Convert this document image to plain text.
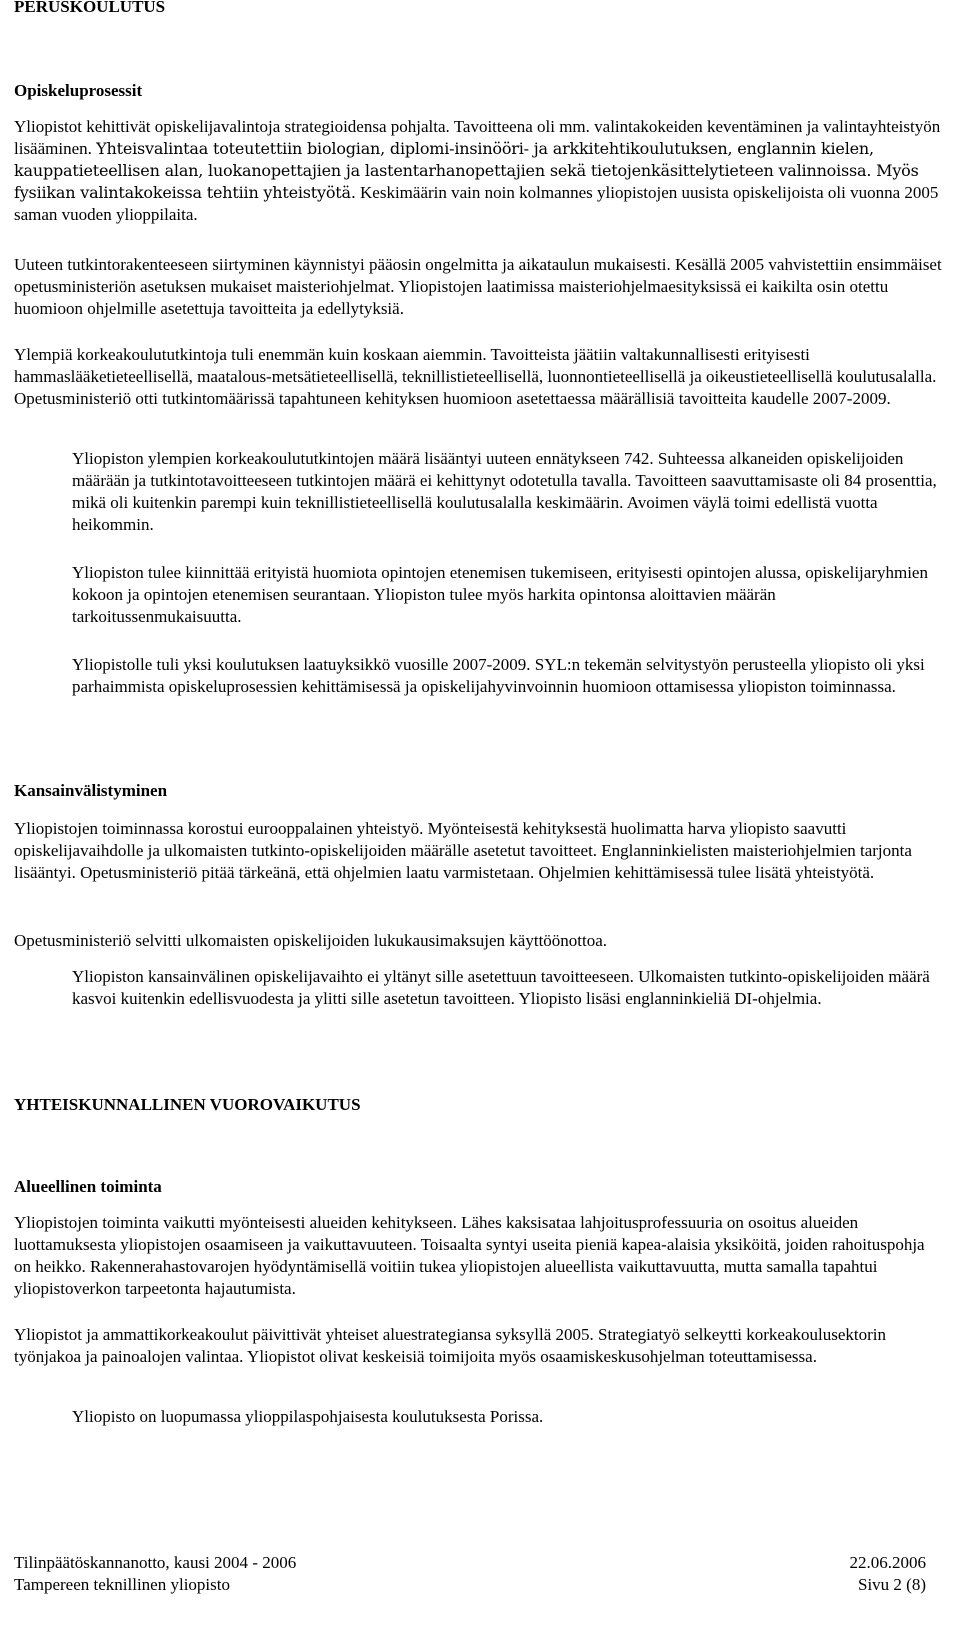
PERUSKOULUTUS
Opiskeluprosessit

Yliopistot kehittivät opiskelijavalintoja strategioidensa pohjalta. Tavoitteena oli mm. valintakokeiden keventäminen ja valintayhteistyön lisääminen. Yhteisvalintaa toteutettiin biologian, diplomi-insinööri- ja arkkitehtikoulutuksen, englannin kielen, kauppatieteellisen alan, luokanopettajien ja lastentarhanopettajien sekä tietojenkäsittelytieteen valinnoissa. Myös fysiikan valintakokeissa tehtiin yhteistyötä. Keskimäärin vain noin kolmannes yliopistojen uusista opiskelijoista oli vuonna 2005 saman vuoden ylioppilaita.

Uuteen tutkintorakenteeseen siirtyminen käynnistyi pääosin ongelmitta ja aikataulun mukaisesti. Kesällä 2005 vahvistettiin ensimmäiset opetusministeriön asetuksen mukaiset maisteriohjelmat. Yliopistojen laatimissa maisteriohjelmaesityksissä ei kaikilta osin otettu huomioon ohjelmille asetettuja tavoitteita ja edellytyksiä.

Ylempiä korkeakoulututkintoja tuli enemmän kuin koskaan aiemmin. Tavoitteista jäätiin valtakunnallisesti erityisesti hammaslääketieteellisellä, maatalous-metsätieteellisellä, teknillistieteellisellä, luonnontieteellisellä ja oikeustieteellisellä koulutusalalla. Opetusministeriö otti tutkintomäärissä tapahtuneen kehityksen huomioon asetettaessa määrällisiä tavoitteita kaudelle 2007-2009.

Yliopiston ylempien korkeakoulututkintojen määrä lisääntyi uuteen ennätykseen 742. Suhteessa alkaneiden opiskelijoiden määrään ja tutkintotavoitteeseen tutkintojen määrä ei kehittynyt odotetulla tavalla. Tavoitteen saavuttamisaste oli 84 prosenttia, mikä oli kuitenkin parempi kuin teknillistieteellisellä koulutusalalla keskimäärin. Avoimen väylä toimi edellistä vuotta heikommin.

Yliopiston tulee kiinnittää erityistä huomiota opintojen etenemisen tukemiseen, erityisesti opintojen alussa, opiskelijaryhmien kokoon ja opintojen etenemisen seurantaan. Yliopiston tulee myös harkita opintonsa aloittavien määrän tarkoitussenmukaisuutta.

Yliopistolle tuli yksi koulutuksen laatuyksikkö vuosille 2007-2009. SYL:n tekemän selvitystyön perusteella yliopisto oli yksi parhaimmista opiskeluprosessien kehittämisessä ja opiskelijahyvinvoinnin huomioon ottamisessa yliopiston toiminnassa.

Kansainvälistyminen

Yliopistojen toiminnassa korostui eurooppalainen yhteistyö. Myönteisestä kehityksestä huolimatta harva yliopisto saavutti opiskelijavaihdolle ja ulkomaisten tutkinto-opiskelijoiden määrälle asetetut tavoitteet. Englanninkielisten maisteriohjelmien tarjonta lisääntyi. Opetusministeriö pitää tärkeänä, että ohjelmien laatu varmistetaan. Ohjelmien kehittämisessä tulee lisätä yhteistyötä.

Opetusministeriö selvitti ulkomaisten opiskelijoiden lukukausimaksujen käyttöönottoa.

Yliopiston kansainvälinen opiskelijavaihto ei yltänyt sille asetettuun tavoitteeseen. Ulkomaisten tutkinto-opiskelijoiden määrä kasvoi kuitenkin edellisvuodesta ja ylitti sille asetetun tavoitteen. Yliopisto lisäsi englanninkieliä DI-ohjelmia.

YHTEISKUNNALLINEN VUOROVAIKUTUS
Alueellinen toiminta

Yliopistojen toiminta vaikutti myönteisesti alueiden kehitykseen. Lähes kaksisataa lahjoitusprofessuuria on osoitus alueiden luottamuksesta yliopistojen osaamiseen ja vaikuttavuuteen. Toisaalta syntyi useita pieniä kapea-alaisia yksiköitä, joiden rahoituspohja on heikko. Rakennerahastovarojen hyödyntämisellä voitiin tukea yliopistojen alueellista vaikuttavuutta, mutta samalla tapahtui yliopistoverkon tarpeetonta hajautumista.

Yliopistot ja ammattikorkeakoulut päivittivät yhteiset aluestrategiansa syksyllä 2005. Strategiatyö selkeytti korkeakoulusektorin työnjakoa ja painoalojen valintaa. Yliopistot olivat keskeisiä toimijoita myös osaamiskeskusohjelman toteuttamisessa.

Yliopisto on luopumassa ylioppilaspohjaisesta koulutuksesta Porissa.

Tilinpäätöskannanotto, kausi 2004 - 2006	22.06.2006
Tampereen teknillinen yliopisto	Sivu 2 (8)
